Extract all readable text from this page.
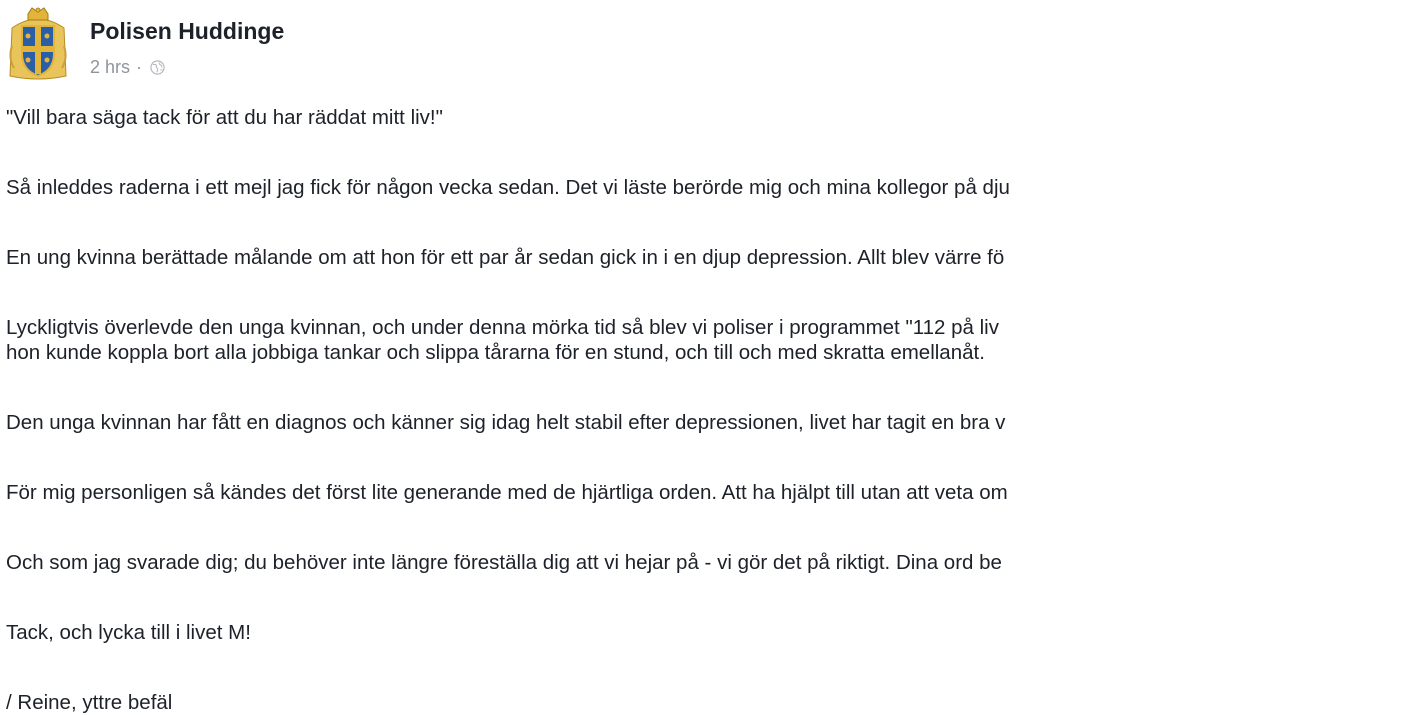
Polisen Huddinge
2 hrs ·
"Vill bara säga tack för att du har räddat mitt liv!"
Så inleddes raderna i ett mejl jag fick för någon vecka sedan. Det vi läste berörde mig och mina kollegor på dju
En ung kvinna berättade målande om att hon för ett par år sedan gick in i en djup depression. Allt blev värre fö
Lyckligtvis överlevde den unga kvinnan, och under denna mörka tid så blev vi poliser i programmet "112 på liv
hon kunde koppla bort alla jobbiga tankar och slippa tårarna för en stund, och till och med skratta emellanåt.
Den unga kvinnan har fått en diagnos och känner sig idag helt stabil efter depressionen, livet har tagit en bra v
För mig personligen så kändes det först lite generande med de hjärtliga orden. Att ha hjälpt till utan att veta om
Och som jag svarade dig; du behöver inte längre föreställa dig att vi hejar på - vi gör det på riktigt. Dina ord be
Tack, och lycka till i livet M!
/ Reine, yttre befäl
